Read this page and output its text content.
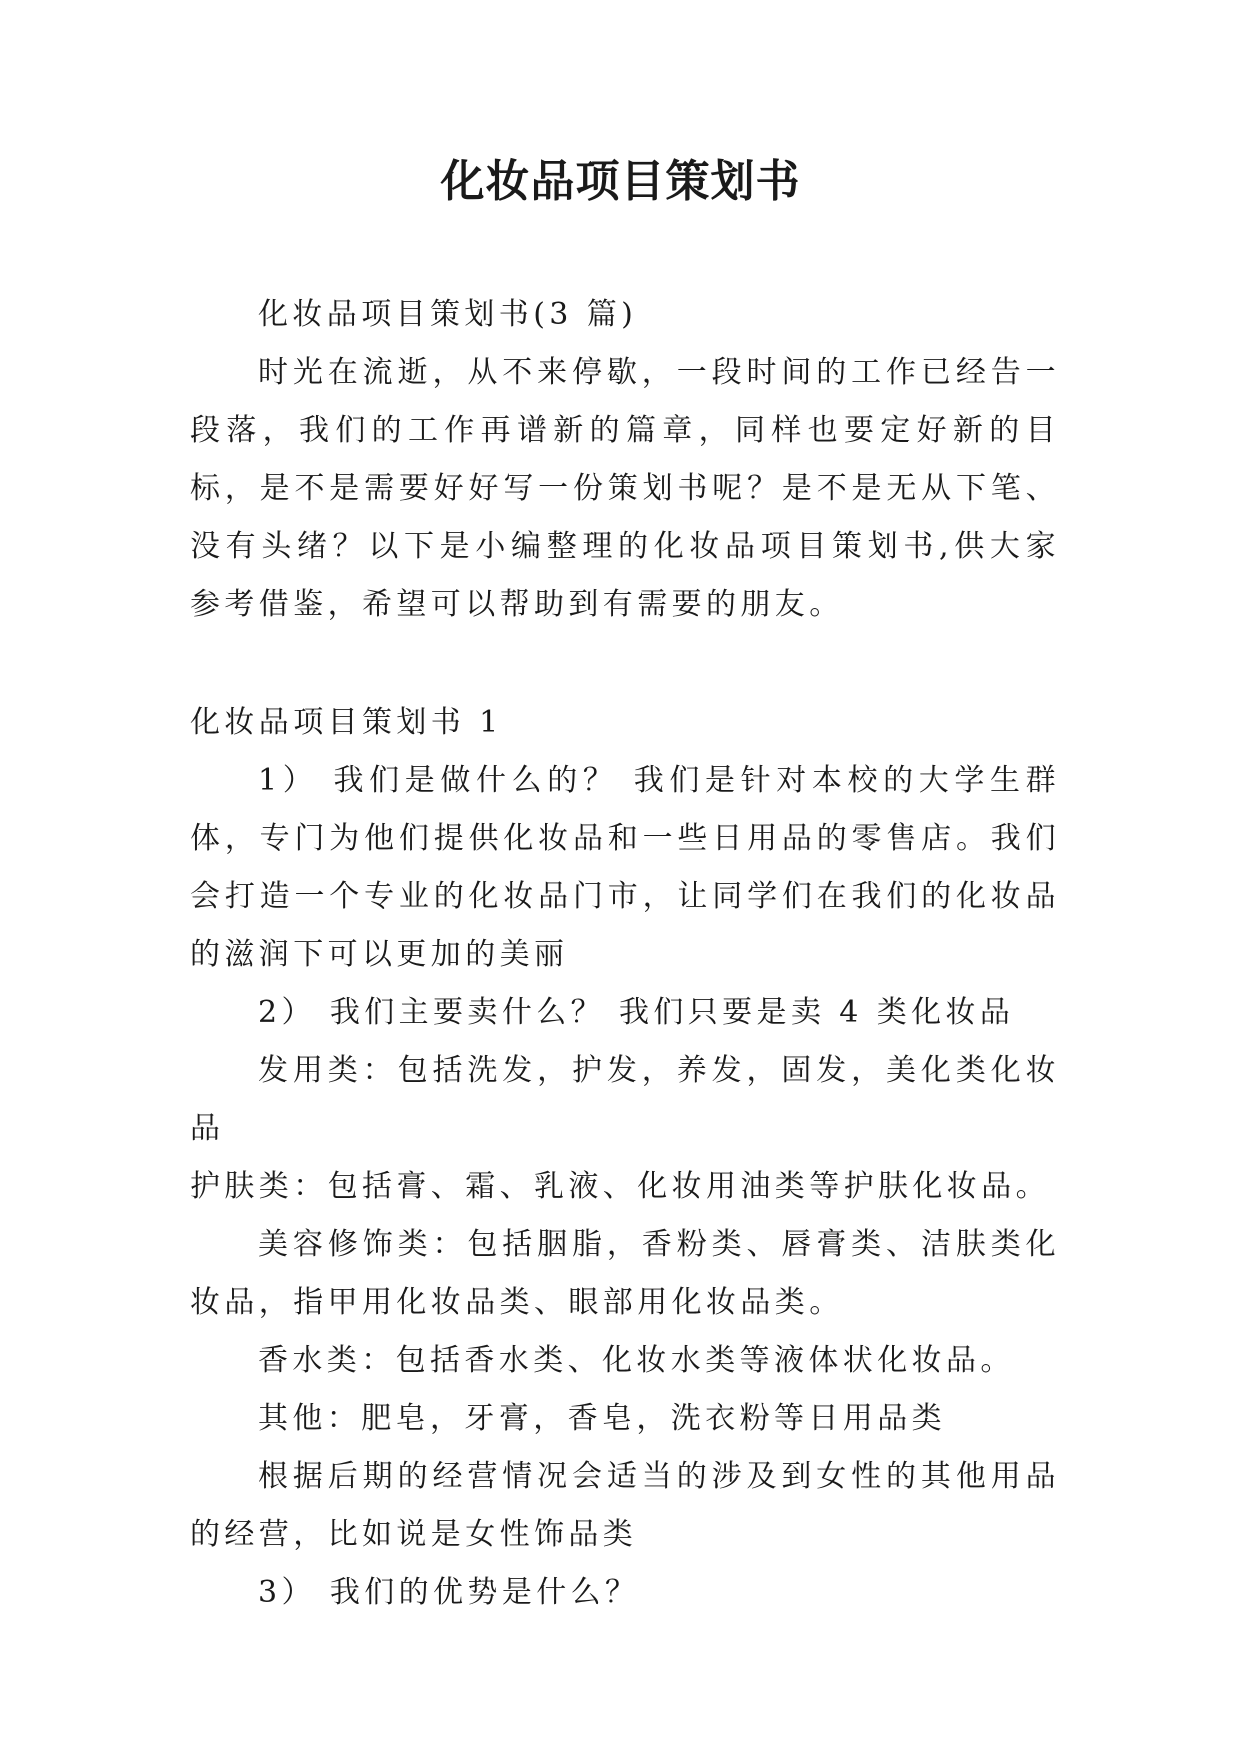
化妆品项目策划书

化妆品项目策划书(3 篇)

时光在流逝，从不来停歇，一段时间的工作已经告一段落，我们的工作再谱新的篇章，同样也要定好新的目标，是不是需要好好写一份策划书呢？是不是无从下笔、没有头绪？以下是小编整理的化妆品项目策划书,供大家参考借鉴，希望可以帮助到有需要的朋友。

化妆品项目策划书 1

1） 我们是做什么的？ 我们是针对本校的大学生群体，专门为他们提供化妆品和一些日用品的零售店。我们会打造一个专业的化妆品门市，让同学们在我们的化妆品的滋润下可以更加的美丽

2） 我们主要卖什么？ 我们只要是卖 4 类化妆品

发用类：包括洗发，护发，养发，固发，美化类化妆品

护肤类：包括膏、霜、乳液、化妆用油类等护肤化妆品。

美容修饰类：包括胭脂，香粉类、唇膏类、洁肤类化妆品，指甲用化妆品类、眼部用化妆品类。

香水类：包括香水类、化妆水类等液体状化妆品。

其他：肥皂，牙膏，香皂，洗衣粉等日用品类

根据后期的经营情况会适当的涉及到女性的其他用品的经营，比如说是女性饰品类

3） 我们的优势是什么？
